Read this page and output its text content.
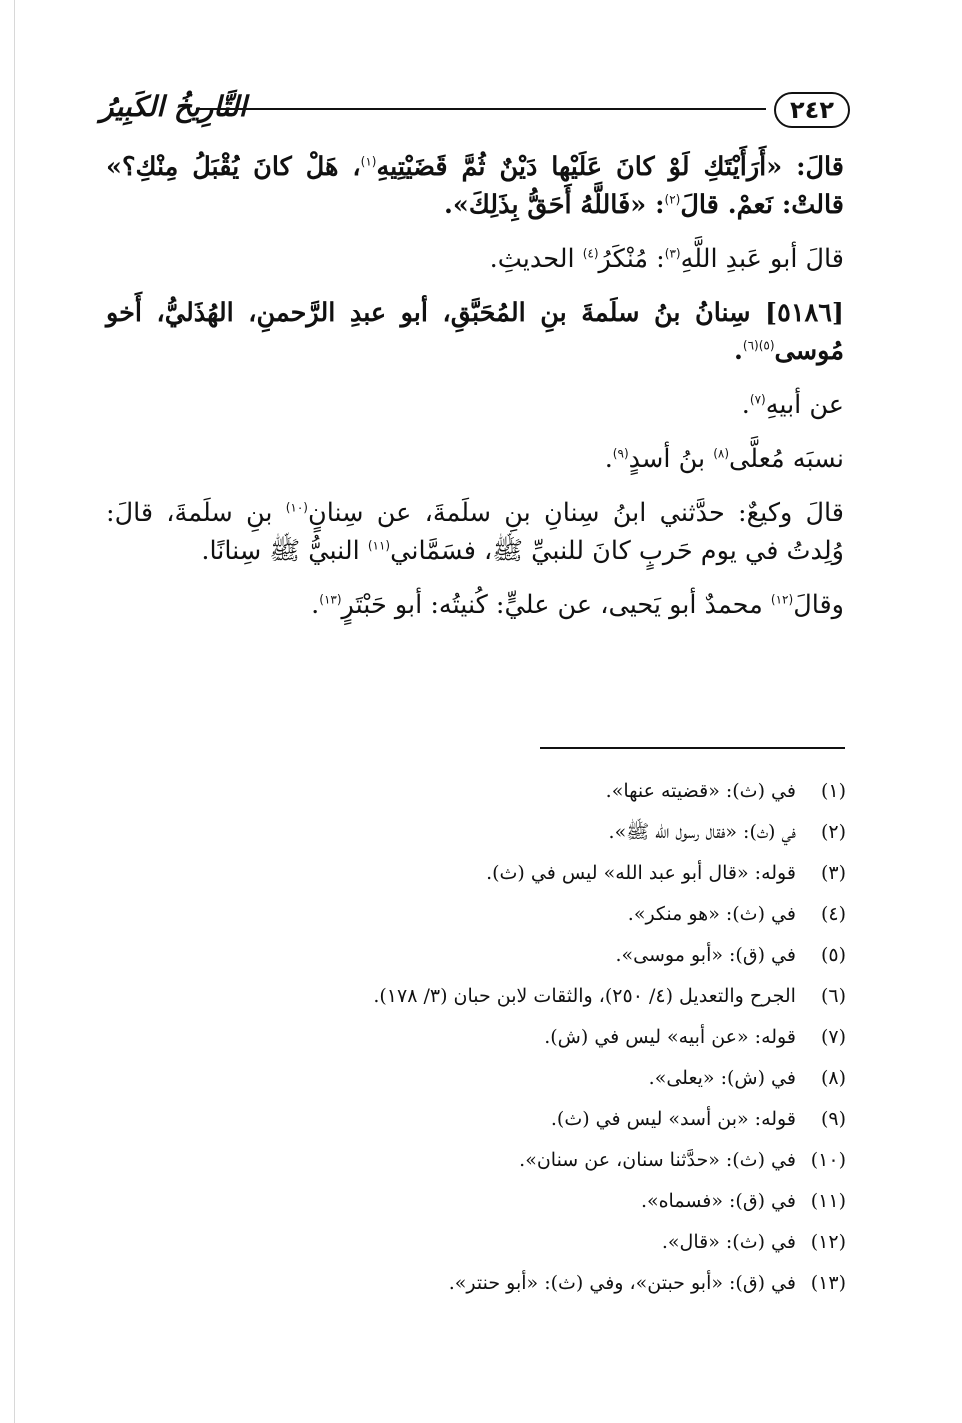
٢٤٢
التَّارِيخُ الكَبِيرُ

قالَ: «أَرَأَيْتَكِ لَوْ كانَ عَلَيْها دَيْنٌ ثُمَّ قَضَيْتِيهِ$^{(١)}$، هَلْ كانَ يُقْبَلُ مِنْكِ؟» قالتْ: نَعمْ. قالَ$^{(٢)}$: «فَاللَّهُ أَحَقُّ بِذَلِكَ».

قالَ أبو عَبدِ اللَّهِ$^{(٣)}$: مُنْكَرُ$^{(٤)}$ الحديثِ.

[٥١٨٦] سِنانُ بنُ سلَمةَ بنِ المُحَبَّقِ، أبو عبدِ الرَّحمنِ، الهُذَليُّ، أَخو مُوسى$^{(٥)(٦)}$.

عن أبيهِ$^{(٧)}$.

نسبَه مُعلَّى$^{(٨)}$ بنُ أسدٍ$^{(٩)}$.

قالَ وكيعٌ: حدَّثني ابنُ سِنانِ بنِ سلَمةَ، عن سِنانٍ$^{(١٠)}$ بنِ سلَمةَ، قالَ: وُلِدتُ في يوم حَربٍ كانَ للنبيِّ ﷺ، فسَمَّاني$^{(١١)}$ النبيُّ ﷺ سِنانًا.

وقالَ$^{(١٢)}$ محمدٌ أبو يَحيى، عن عليٍّ: كُنيتُه: أبو حَبْتَرٍ$^{(١٣)}$.

(١) في (ث): «قضيته عنها».
(٢) في (ث): «فقال رسول الله ﷺ».
(٣) قوله: «قال أبو عبد الله» ليس في (ث).
(٤) في (ث): «هو منكر».
(٥) في (ق): «أبو موسى».
(٦) الجرح والتعديل (٤/ ٢٥٠)، والثقات لابن حبان (٣/ ١٧٨).
(٧) قوله: «عن أبيه» ليس في (ش).
(٨) في (ش): «يعلى».
(٩) قوله: «بن أسد» ليس في (ث).
(١٠) في (ث): «حدَّثنا سنان، عن سنان».
(١١) في (ق): «فسماه».
(١٢) في (ث): «قال».
(١٣) في (ق): «أبو حبتن»، وفي (ث): «أبو حنتر».
